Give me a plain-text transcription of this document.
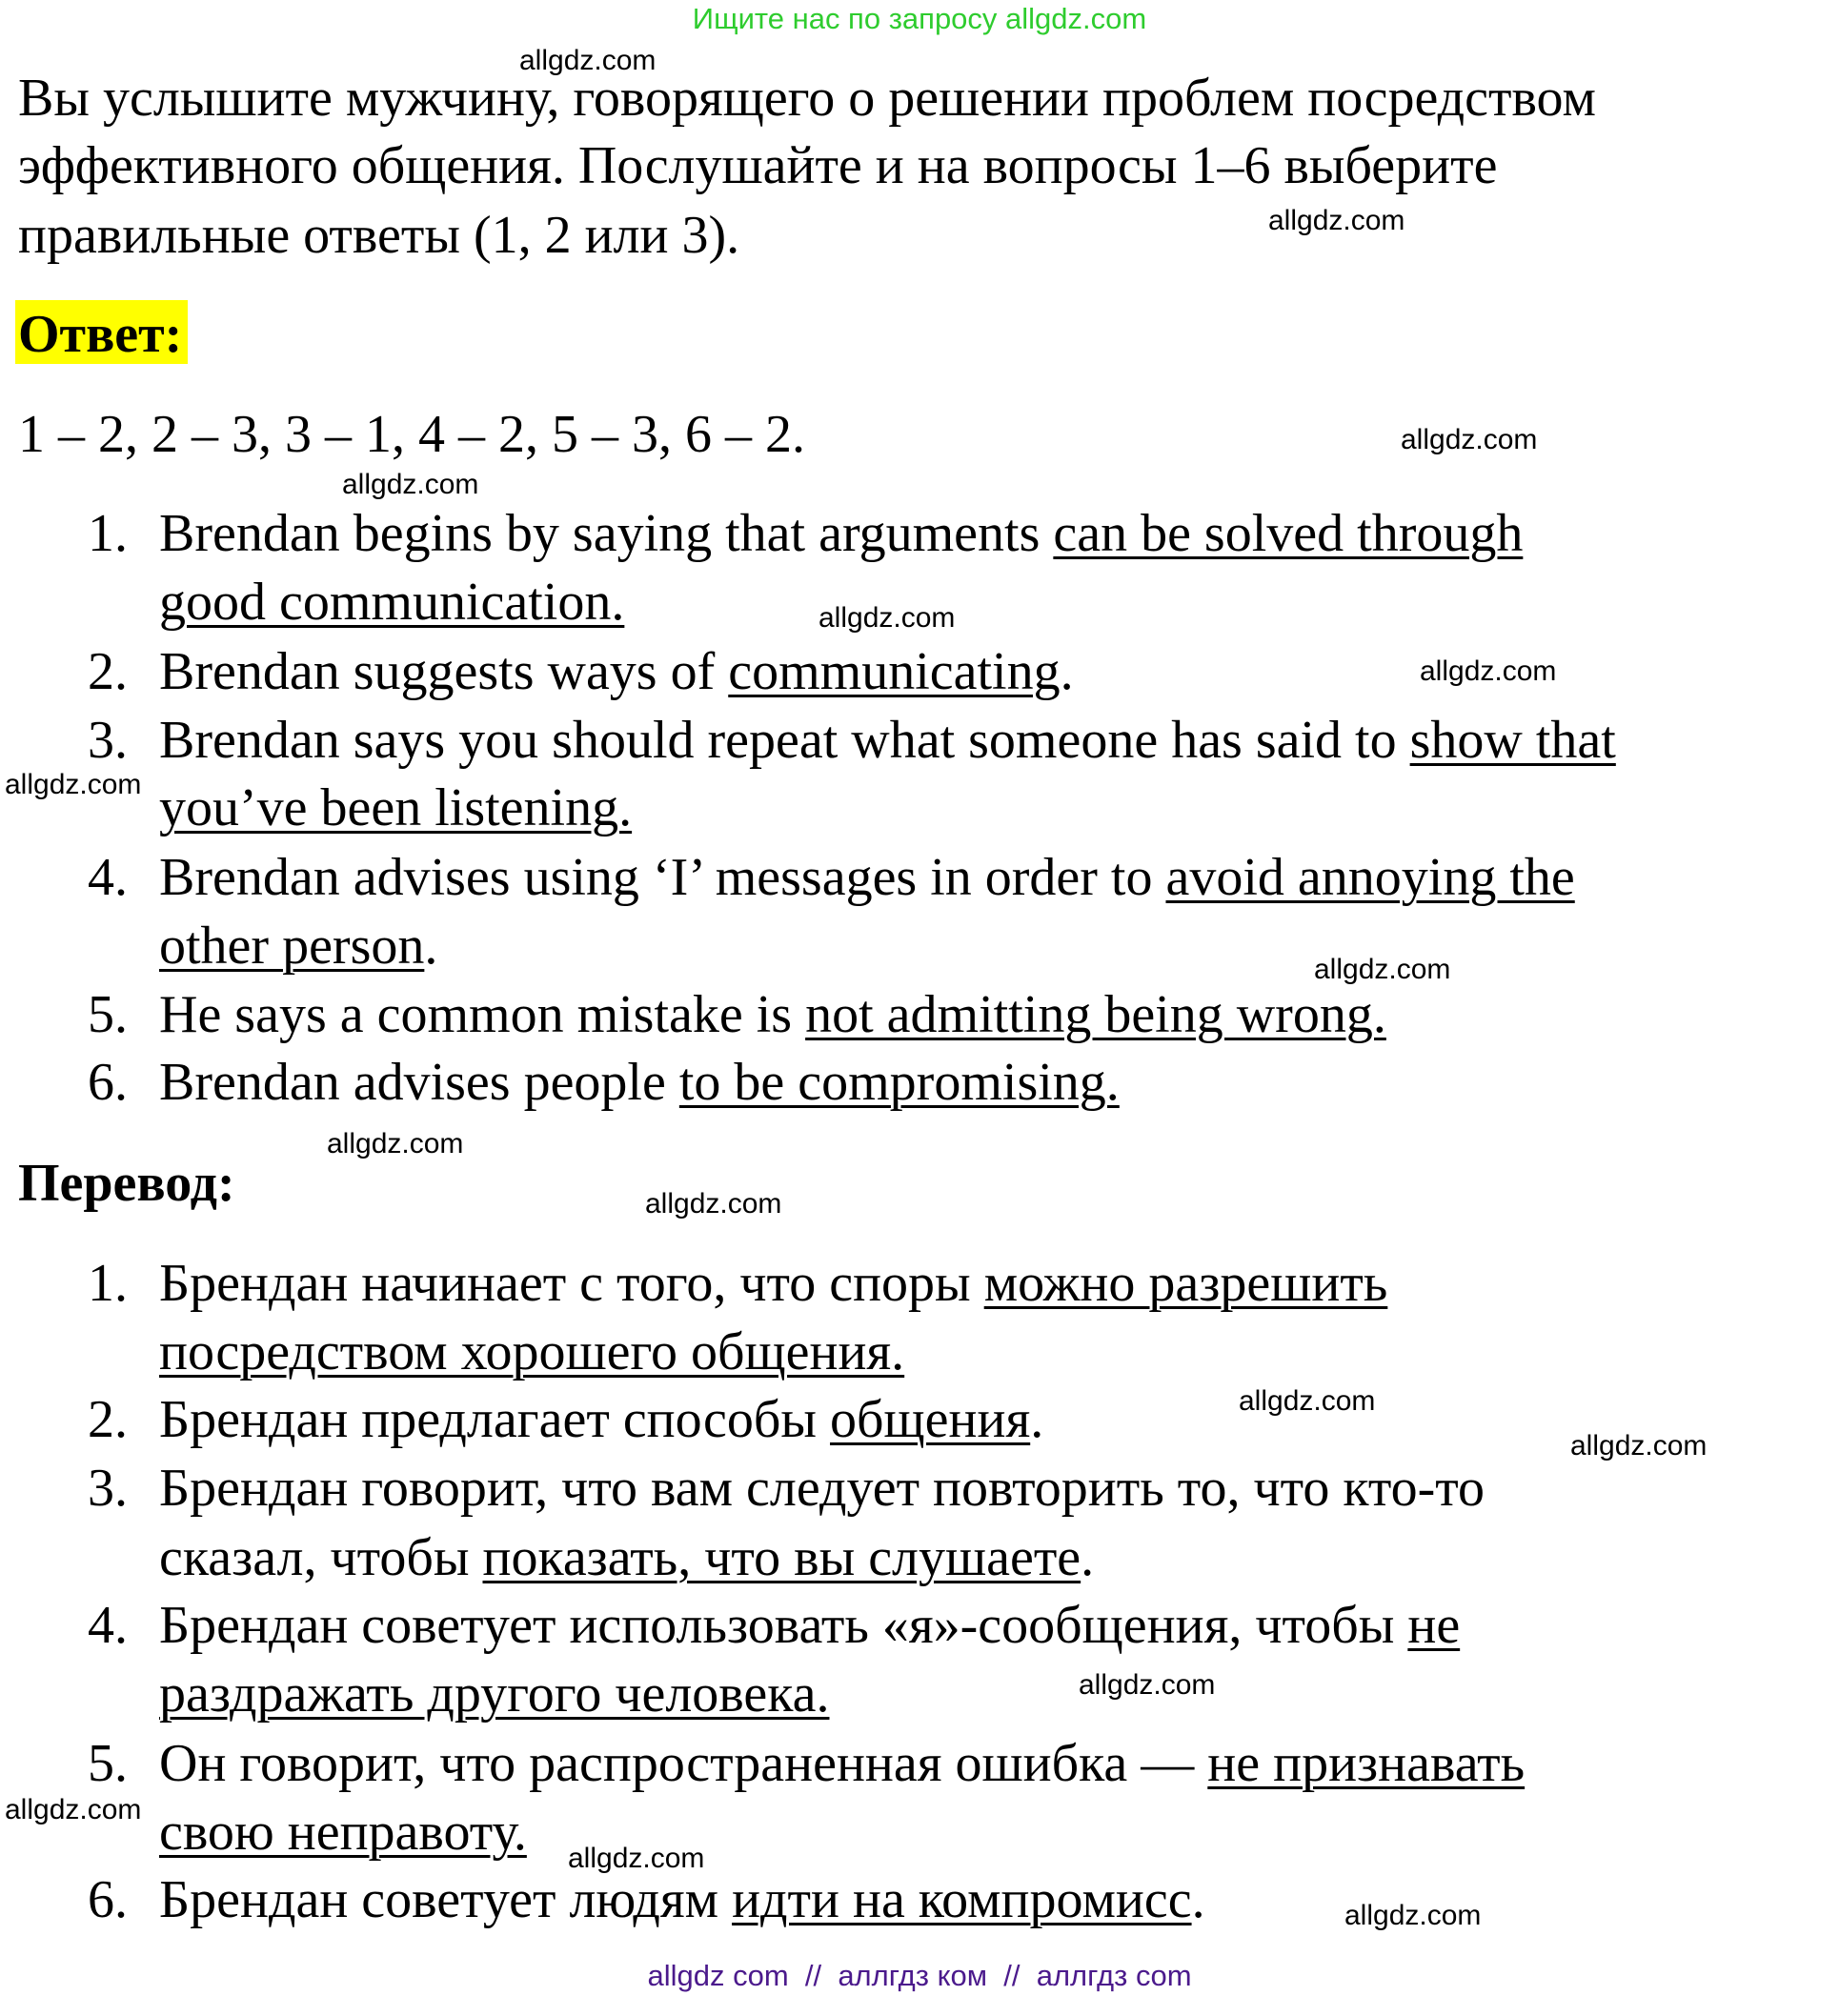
Ищите нас по запросу allgdz.com
Вы услышите мужчину, говорящего о решении проблем посредством
эффективного общения. Послушайте и на вопросы 1–6 выберите
правильные ответы (1, 2 или 3).
Ответ:
1 – 2, 2 – 3, 3 – 1, 4 – 2, 5 – 3, 6 – 2.
1. Brendan begins by saying that arguments can be solved through
good communication.
2. Brendan suggests ways of communicating.
3. Brendan says you should repeat what someone has said to show that
you’ve been listening.
4. Brendan advises using ‘I’ messages in order to avoid annoying the
other person.
5. He says a common mistake is not admitting being wrong.
6. Brendan advises people to be compromising.
Перевод:
1. Брендан начинает с того, что споры можно разрешить
посредством хорошего общения.
2. Брендан предлагает способы общения.
3. Брендан говорит, что вам следует повторить то, что кто-то
сказал, чтобы показать, что вы слушаете.
4. Брендан советует использовать «я»-сообщения, чтобы не
раздражать другого человека.
5. Он говорит, что распространенная ошибка — не признавать
свою неправоту.
6. Брендан советует людям идти на компромисс.
allgdz.com
allgdz.com
allgdz.com
allgdz.com
allgdz.com
allgdz.com
allgdz.com
allgdz.com
allgdz.com
allgdz.com
allgdz.com
allgdz.com
allgdz.com
allgdz.com
allgdz.com
allgdz.com
allgdz com  //  аллгдз ком  //  аллгдз com
